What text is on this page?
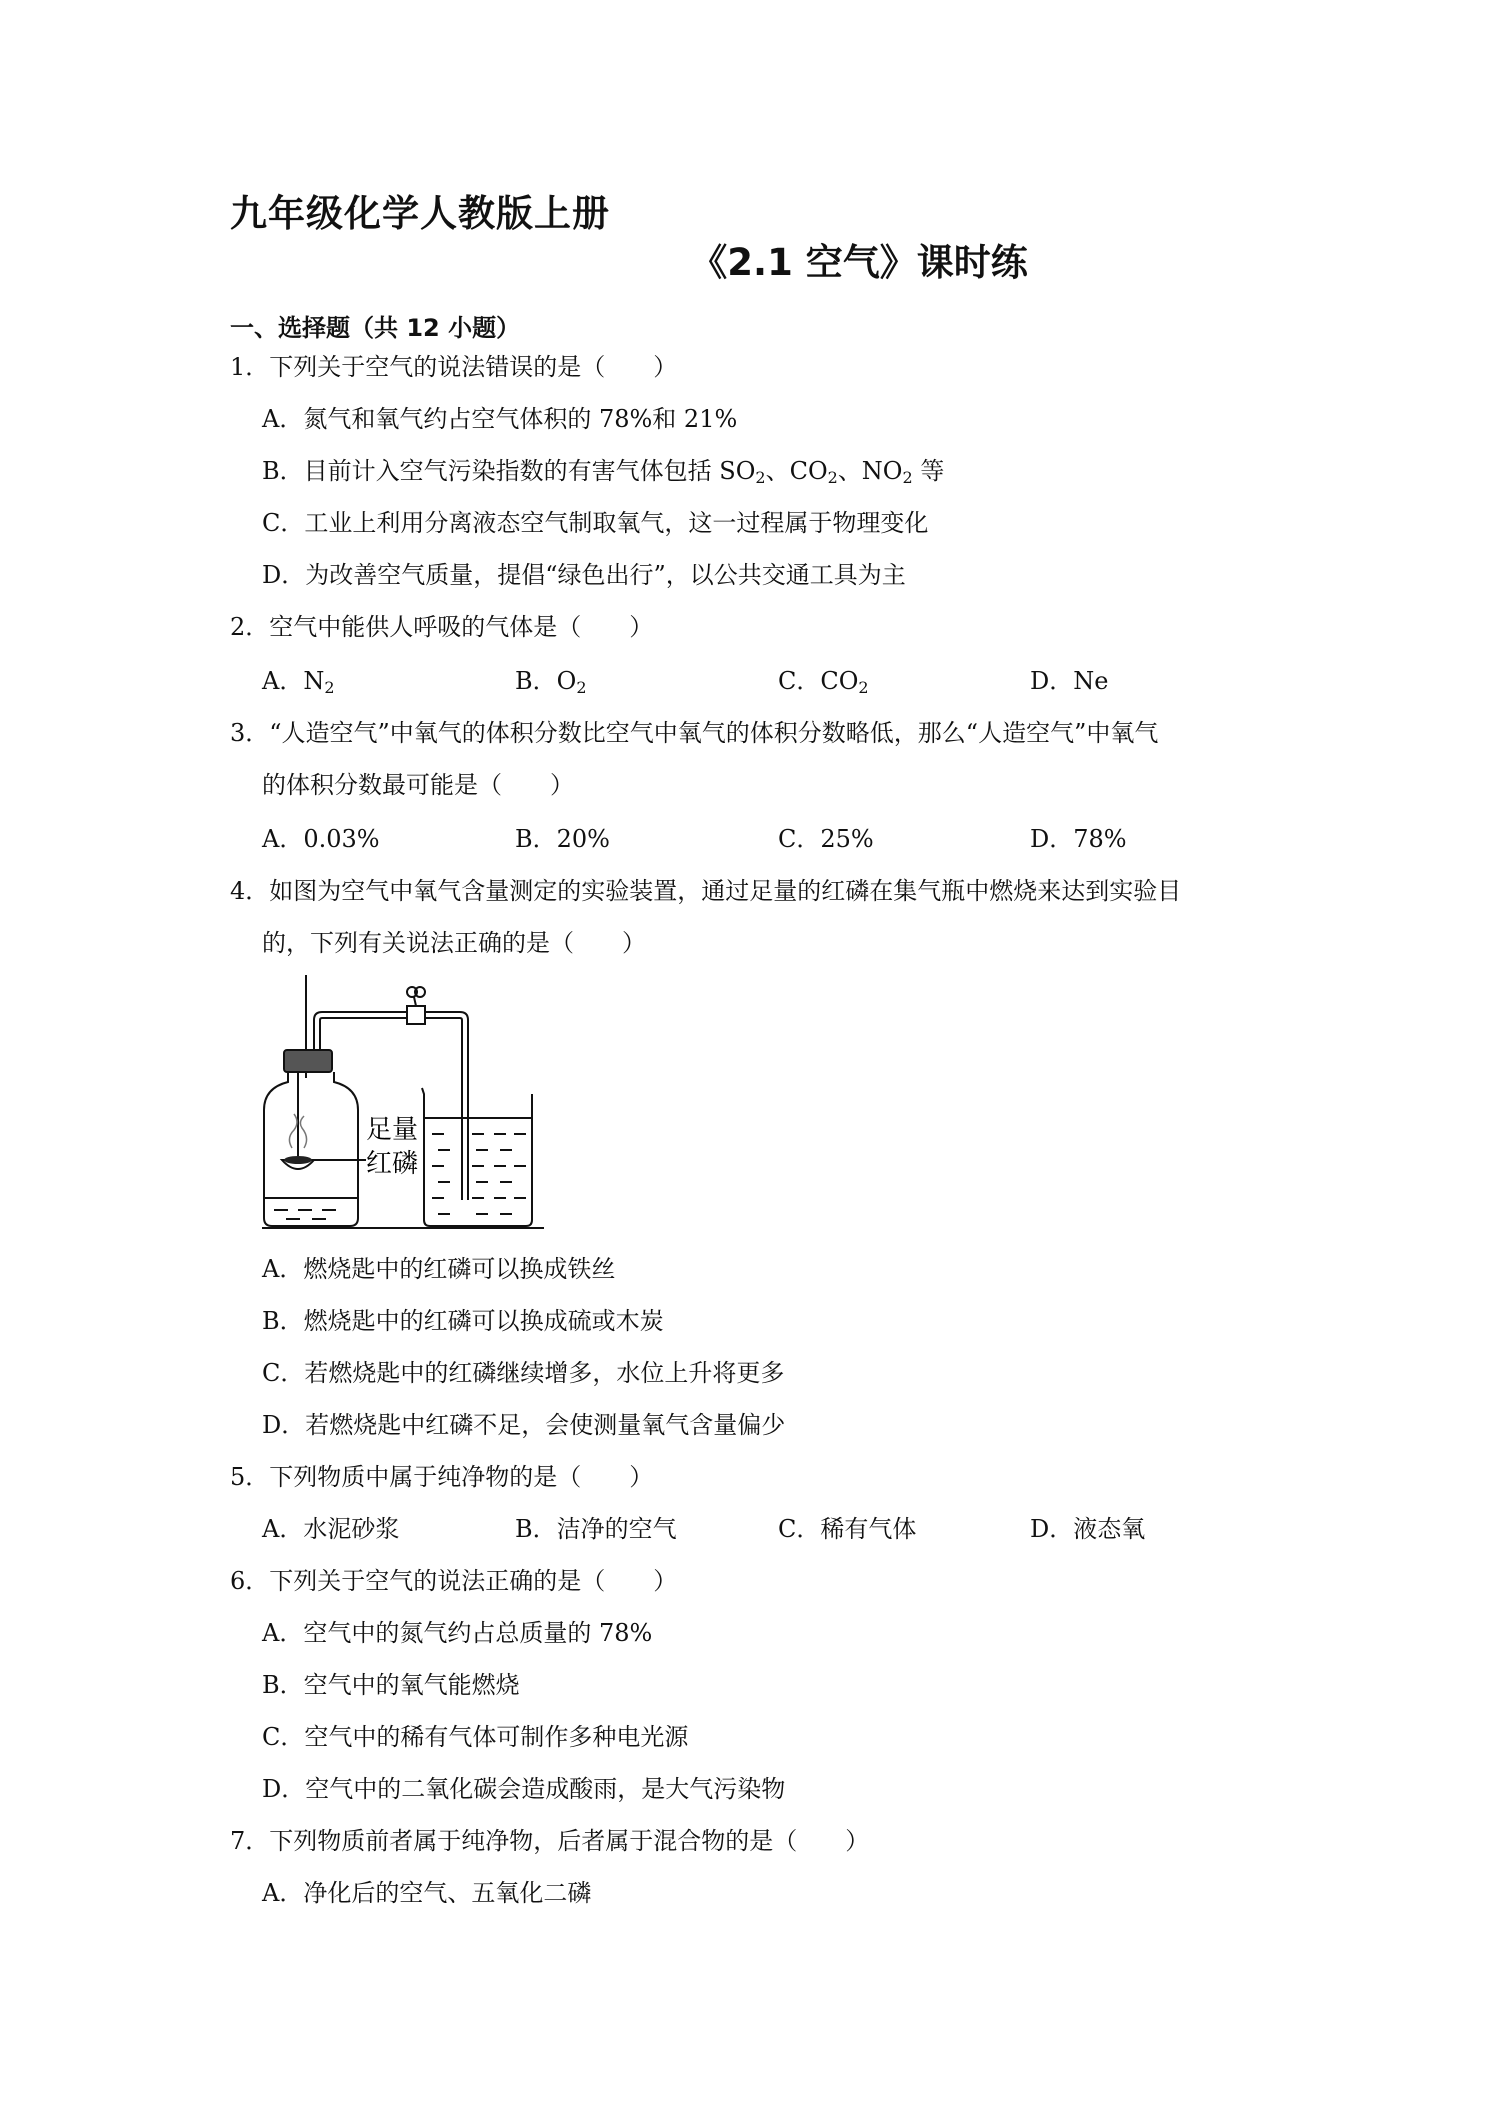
九年级化学人教版上册
《2.1 空气》课时练
一、选择题（共 12 小题）
1．下列关于空气的说法错误的是（　　）
A．氮气和氧气约占空气体积的 78%和 21%
B．目前计入空气污染指数的有害气体包括 $SO_2$、$CO_2$、$NO_2$ 等
C．工业上利用分离液态空气制取氧气，这一过程属于物理变化
D．为改善空气质量，提倡“绿色出行”，以公共交通工具为主
2．空气中能供人呼吸的气体是（　　）
A．$N_2$	B．$O_2$	C．$CO_2$	D．Ne
3．“人造空气”中氧气的体积分数比空气中氧气的体积分数略低，那么“人造空气”中氧气
的体积分数最可能是（　　）
A．0.03%	B．20%	C．25%	D．78%
4．如图为空气中氧气含量测定的实验装置，通过足量的红磷在集气瓶中燃烧来达到实验目
的，下列有关说法正确的是（　　）
足量
红磷
A．燃烧匙中的红磷可以换成铁丝
B．燃烧匙中的红磷可以换成硫或木炭
C．若燃烧匙中的红磷继续增多，水位上升将更多
D．若燃烧匙中红磷不足，会使测量氧气含量偏少
5．下列物质中属于纯净物的是（　　）
A．水泥砂浆	B．洁净的空气	C．稀有气体	D．液态氧
6．下列关于空气的说法正确的是（　　）
A．空气中的氮气约占总质量的 78%
B．空气中的氧气能燃烧
C．空气中的稀有气体可制作多种电光源
D．空气中的二氧化碳会造成酸雨，是大气污染物
7．下列物质前者属于纯净物，后者属于混合物的是（　　）
A．净化后的空气、五氧化二磷
